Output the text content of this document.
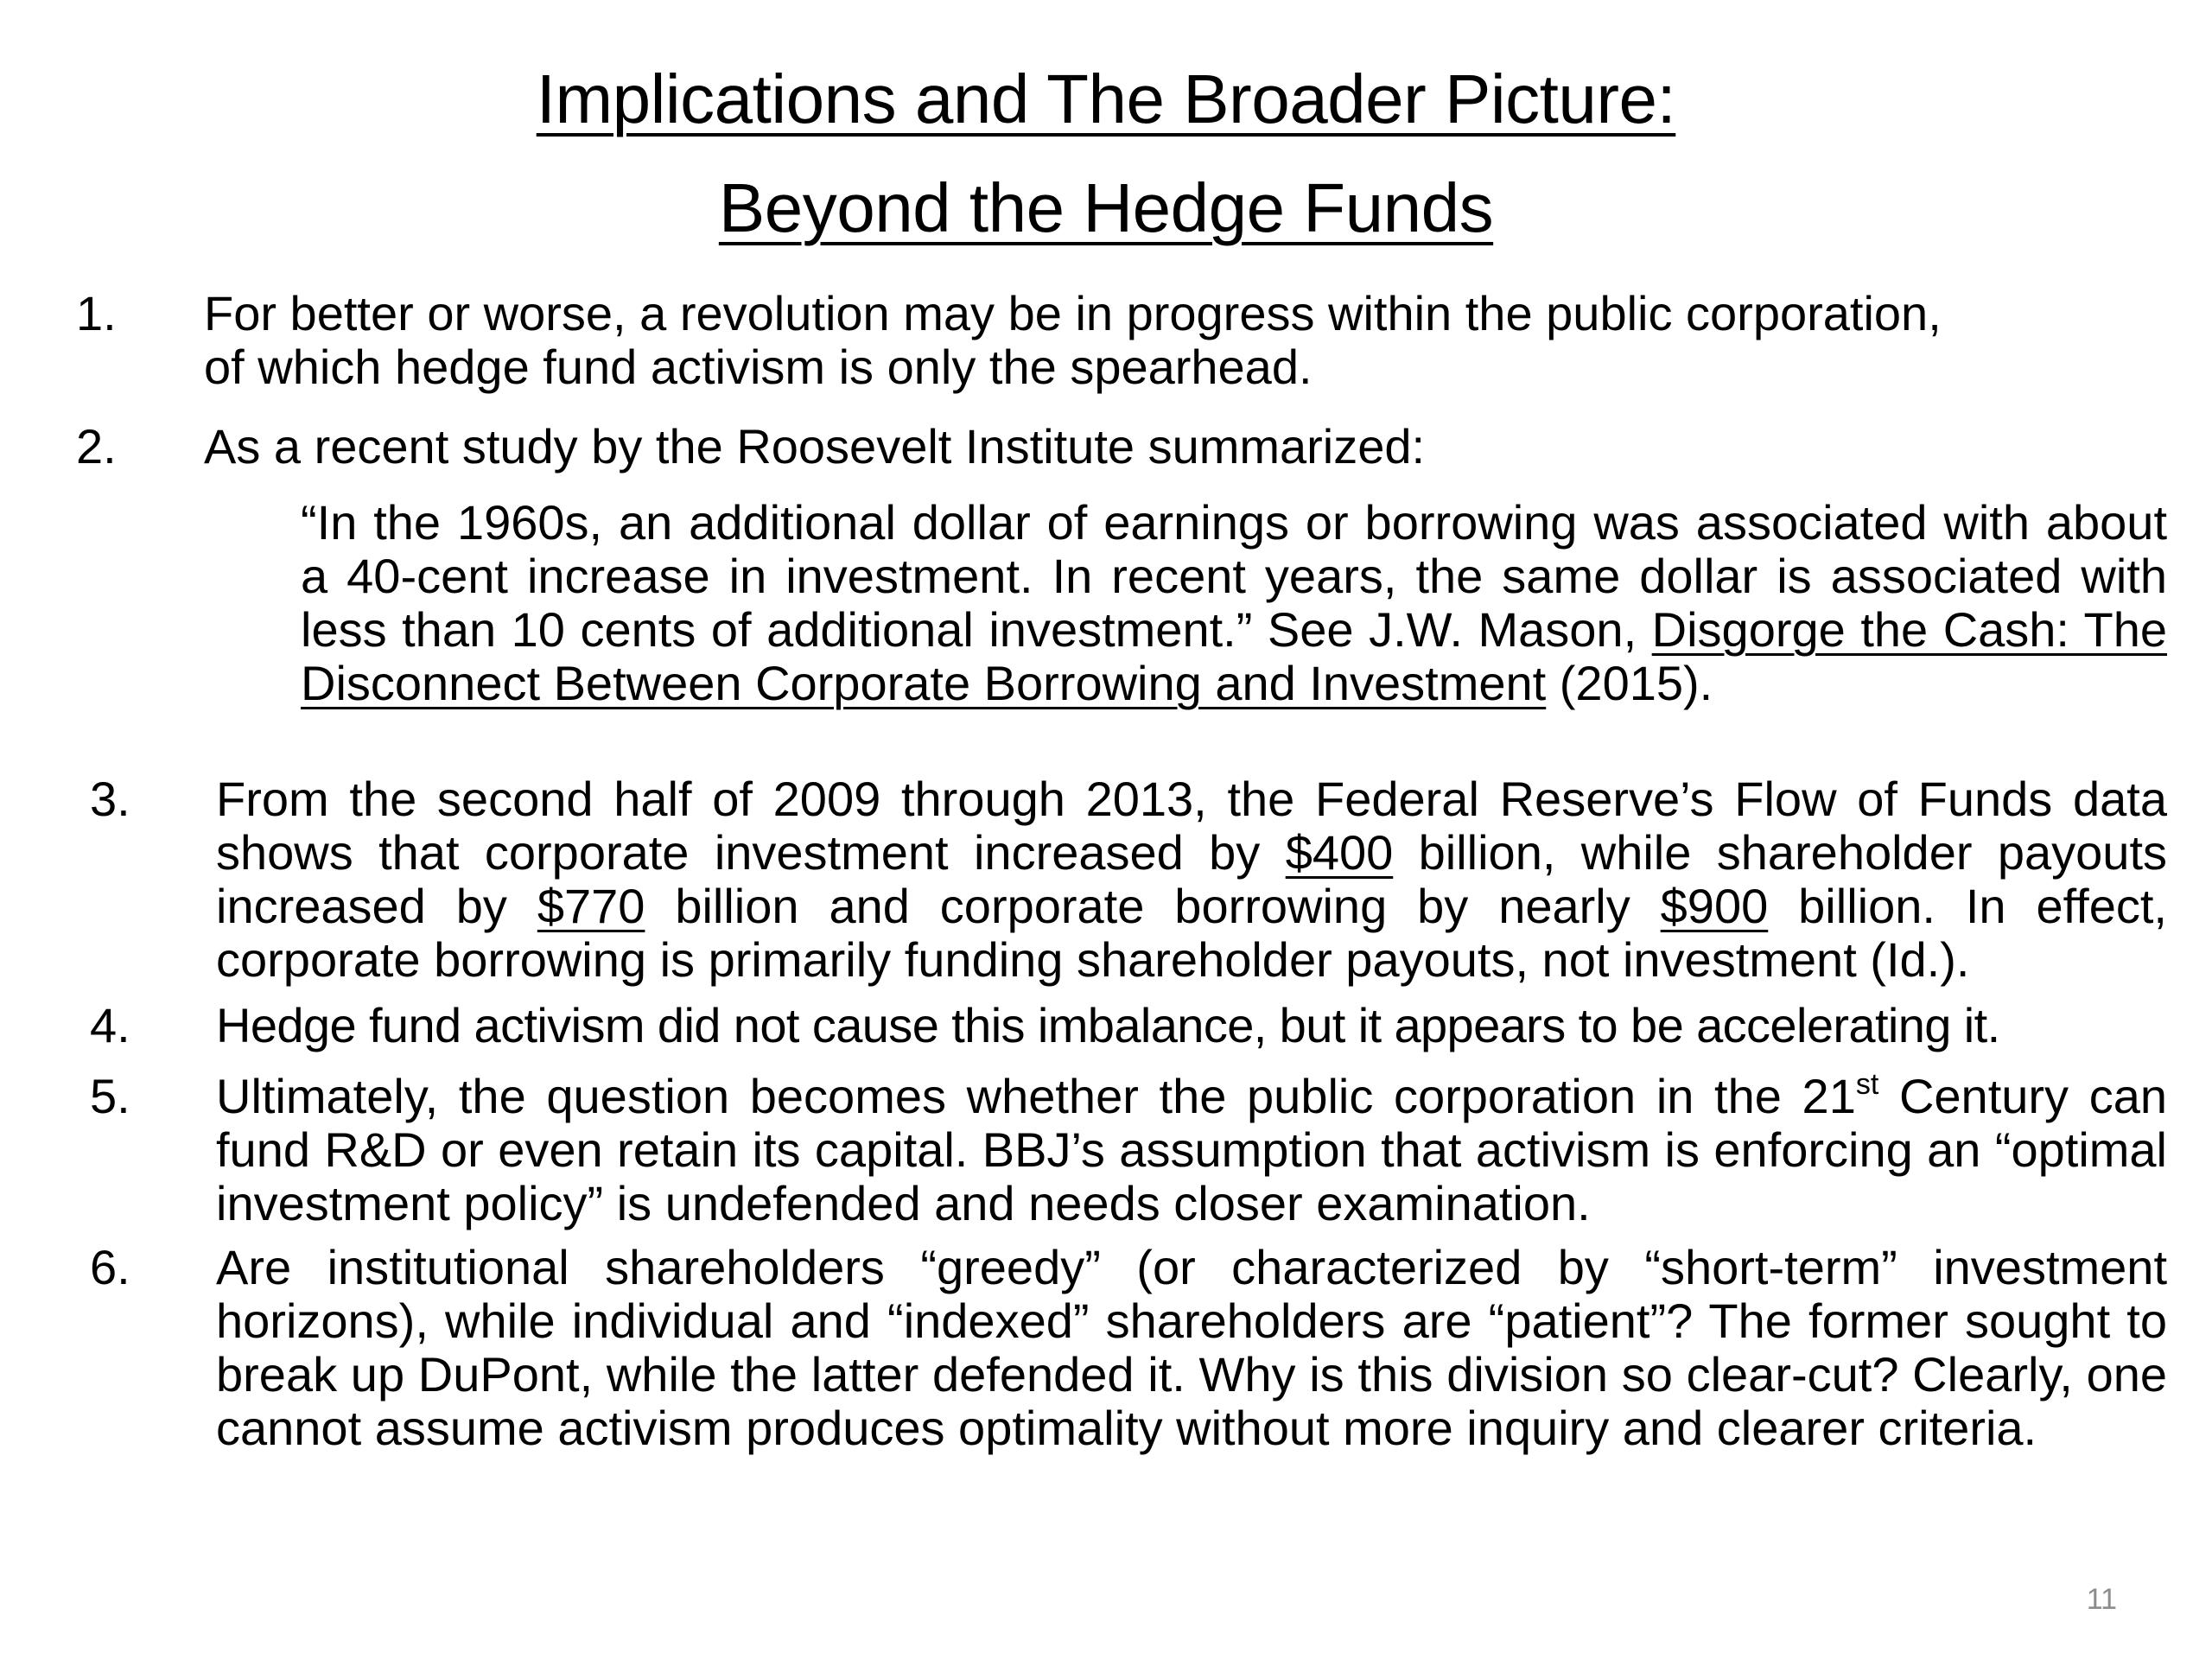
Implications and The Broader Picture:
Beyond the Hedge Funds
1.	For better or worse, a revolution may be in progress within the public corporation, of which hedge fund activism is only the spearhead.
2.	As a recent study by the Roosevelt Institute summarized:
“In the 1960s, an additional dollar of earnings or borrowing was associated with about a 40-cent increase in investment. In recent years, the same dollar is associated with less than 10 cents of additional investment.” See J.W. Mason, Disgorge the Cash: The Disconnect Between Corporate Borrowing and Investment (2015).
3.	From the second half of 2009 through 2013, the Federal Reserve’s Flow of Funds data shows that corporate investment increased by $400 billion, while shareholder payouts increased by $770 billion and corporate borrowing by nearly $900 billion. In effect, corporate borrowing is primarily funding shareholder payouts, not investment (Id.).
4.	Hedge fund activism did not cause this imbalance, but it appears to be accelerating it.
5.	Ultimately, the question becomes whether the public corporation in the 21st Century can fund R&D or even retain its capital. BBJ’s assumption that activism is enforcing an “optimal investment policy” is undefended and needs closer examination.
6.	Are institutional shareholders “greedy” (or characterized by “short-term” investment horizons), while individual and “indexed” shareholders are “patient”? The former sought to break up DuPont, while the latter defended it. Why is this division so clear-cut? Clearly, one cannot assume activism produces optimality without more inquiry and clearer criteria.
11
